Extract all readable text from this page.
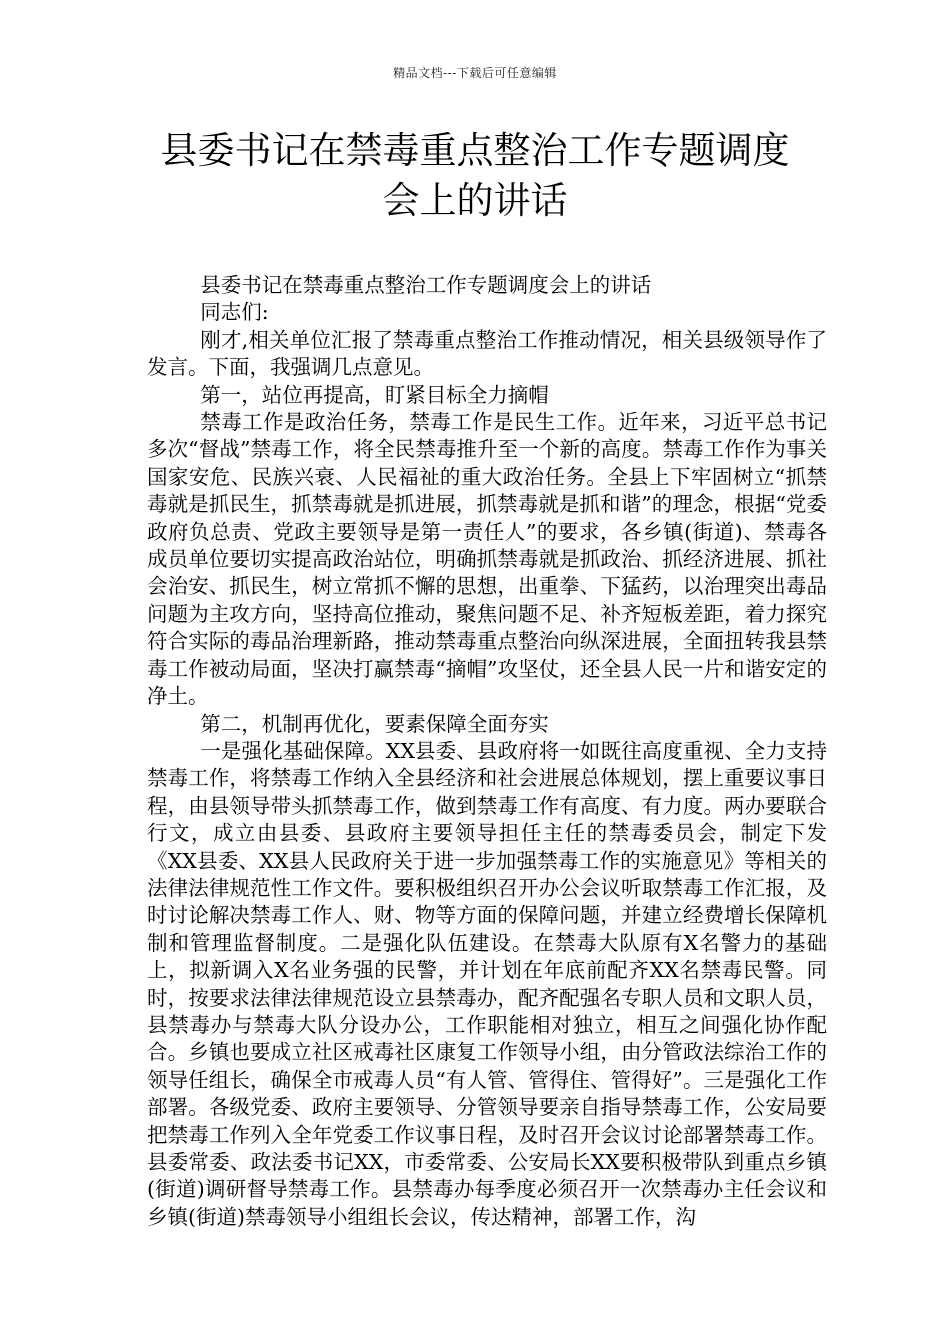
精品文档---下载后可任意编辑
县委书记在禁毒重点整治工作专题调度
会上的讲话

县委书记在禁毒重点整治工作专题调度会上的讲话

同志们:

刚才,相关单位汇报了禁毒重点整治工作推动情况，相关县级领导作了发言。下面，我强调几点意见。

第一，站位再提高，盯紧目标全力摘帽

禁毒工作是政治任务，禁毒工作是民生工作。近年来，习近平总书记多次“督战”禁毒工作，将全民禁毒推升至一个新的高度。禁毒工作作为事关国家安危、民族兴衰、人民福祉的重大政治任务。全县上下牢固树立“抓禁毒就是抓民生，抓禁毒就是抓进展，抓禁毒就是抓和谐”的理念，根据“党委政府负总责、党政主要领导是第一责任人”的要求，各乡镇(街道)、禁毒各成员单位要切实提高政治站位，明确抓禁毒就是抓政治、抓经济进展、抓社会治安、抓民生，树立常抓不懈的思想，出重拳、下猛药，以治理突出毒品问题为主攻方向，坚持高位推动，聚焦问题不足、补齐短板差距，着力探究符合实际的毒品治理新路，推动禁毒重点整治向纵深进展，全面扭转我县禁毒工作被动局面，坚决打赢禁毒“摘帽”攻坚仗，还全县人民一片和谐安定的净土。

第二，机制再优化，要素保障全面夯实

一是强化基础保障。XX县委、县政府将一如既往高度重视、全力支持禁毒工作，将禁毒工作纳入全县经济和社会进展总体规划，摆上重要议事日程，由县领导带头抓禁毒工作，做到禁毒工作有高度、有力度。两办要联合行文，成立由县委、县政府主要领导担任主任的禁毒委员会，制定下发《XX县委、XX县人民政府关于进一步加强禁毒工作的实施意见》等相关的法律法律规范性工作文件。要积极组织召开办公会议听取禁毒工作汇报，及时讨论解决禁毒工作人、财、物等方面的保障问题，并建立经费增长保障机制和管理监督制度。二是强化队伍建设。在禁毒大队原有X名警力的基础上，拟新调入X名业务强的民警，并计划在年底前配齐XX名禁毒民警。同时，按要求法律法律规范设立县禁毒办，配齐配强名专职人员和文职人员，县禁毒办与禁毒大队分设办公，工作职能相对独立，相互之间强化协作配合。乡镇也要成立社区戒毒社区康复工作领导小组，由分管政法综治工作的领导任组长，确保全市戒毒人员“有人管、管得住、管得好”。三是强化工作部署。各级党委、政府主要领导、分管领导要亲自指导禁毒工作，公安局要把禁毒工作列入全年党委工作议事日程，及时召开会议讨论部署禁毒工作。县委常委、政法委书记XX，市委常委、公安局长XX要积极带队到重点乡镇(街道)调研督导禁毒工作。县禁毒办每季度必须召开一次禁毒办主任会议和乡镇(街道)禁毒领导小组组长会议，传达精神，部署工作，沟
